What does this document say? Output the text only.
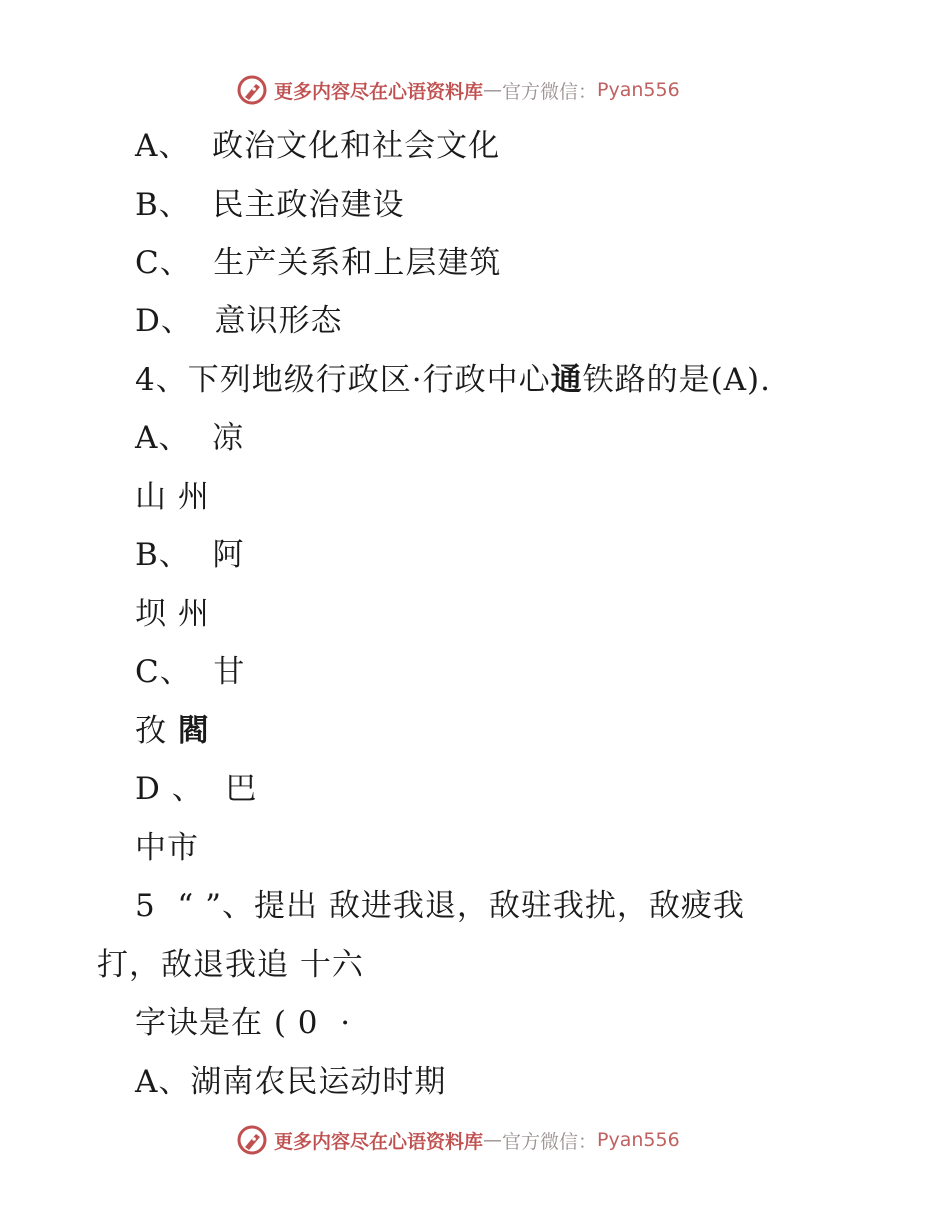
更多内容尽在心语资料库 — 官方微信： Pyan556
A、  政治文化和社会文化
B、  民主政治建设
C、  生产关系和上层建筑
D、  意识形态
4、下列地级行政区·行政中心通铁路的是(A).
A、  凉
山 州
B、  阿
坝 州
C、  甘
孜 閻
D 、  巴
中市
5  “ ”、提出 敌进我退，敌驻我扰，敌疲我
打，敌退我追 十六
字诀是在 ( 0  ·
A、湖南农民运动时期
更多内容尽在心语资料库 — 官方微信： Pyan556
